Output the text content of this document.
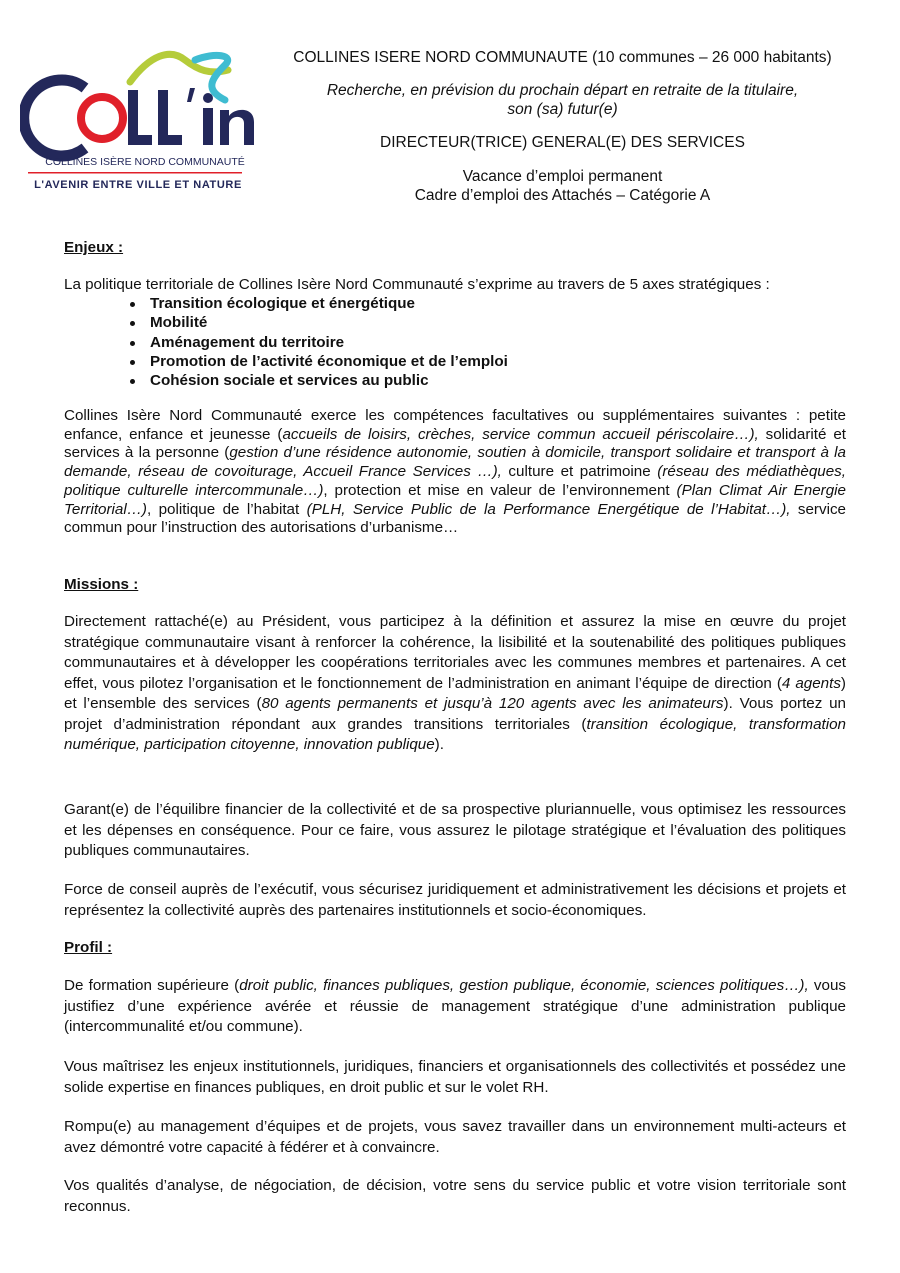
COLLINES ISÈRE NORD COMMUNAUTÉ
L'AVENIR ENTRE VILLE ET NATURE
COLLINES ISERE NORD COMMUNAUTE (10 communes – 26 000 habitants)
Recherche, en prévision du prochain départ en retraite de la titulaire,
son (sa) futur(e)
DIRECTEUR(TRICE) GENERAL(E) DES SERVICES
Vacance d’emploi permanent
Cadre d’emploi des Attachés – Catégorie A
Enjeux :
La politique territoriale de Collines Isère Nord Communauté s’exprime au travers de 5 axes stratégiques :
Transition écologique et énergétique
Mobilité
Aménagement du territoire
Promotion de l’activité économique et de l’emploi
Cohésion sociale et services au public
Collines Isère Nord Communauté exerce les compétences facultatives ou supplémentaires suivantes : petite enfance, enfance et jeunesse (accueils de loisirs, crèches, service commun accueil périscolaire…), solidarité et services à la personne (gestion d’une résidence autonomie, soutien à domicile, transport solidaire et transport à la demande, réseau de covoiturage, Accueil France Services …), culture et patrimoine (réseau des médiathèques, politique culturelle intercommunale…), protection et mise en valeur de l’environnement (Plan Climat Air Energie Territorial…), politique de l’habitat (PLH, Service Public de la Performance Energétique de l’Habitat…), service commun pour l’instruction des autorisations d’urbanisme…
Missions :
Directement rattaché(e) au Président, vous participez à la définition et assurez la mise en œuvre du projet stratégique communautaire visant à renforcer la cohérence, la lisibilité et la soutenabilité des politiques publiques communautaires et à développer les coopérations territoriales avec les communes membres et partenaires. A cet effet, vous pilotez l’organisation et le fonctionnement de l’administration en animant l’équipe de direction (4 agents) et l’ensemble des services (80 agents permanents et jusqu’à 120 agents avec les animateurs). Vous portez un projet d’administration répondant aux grandes transitions territoriales (transition écologique, transformation numérique, participation citoyenne, innovation publique).
Garant(e) de l’équilibre financier de la collectivité et de sa prospective pluriannuelle, vous optimisez les ressources et les dépenses en conséquence. Pour ce faire, vous assurez le pilotage stratégique et l’évaluation des politiques publiques communautaires.
Force de conseil auprès de l’exécutif, vous sécurisez juridiquement et administrativement les décisions et projets et représentez la collectivité auprès des partenaires institutionnels et socio-économiques.
Profil :
De formation supérieure (droit public, finances publiques, gestion publique, économie, sciences politiques…), vous justifiez d’une expérience avérée et réussie de management stratégique d’une administration publique (intercommunalité et/ou commune).
Vous maîtrisez les enjeux institutionnels, juridiques, financiers et organisationnels des collectivités et possédez une solide expertise en finances publiques, en droit public et sur le volet RH.
Rompu(e) au management d’équipes et de projets, vous savez travailler dans un environnement multi-acteurs et avez démontré votre capacité à fédérer et à convaincre.
Vos qualités d’analyse, de négociation, de décision, votre sens du service public et votre vision territoriale sont reconnus.
